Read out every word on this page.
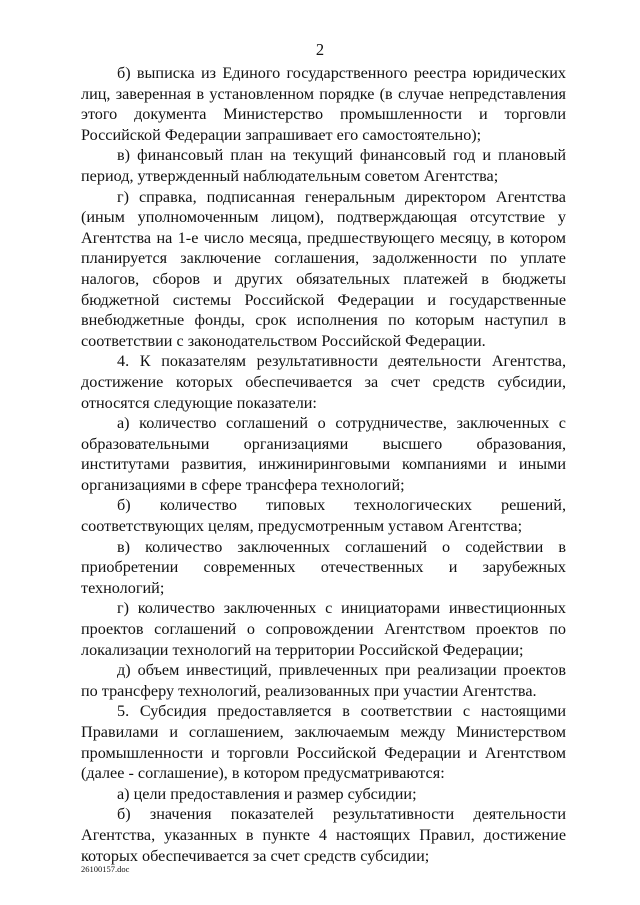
2

б) выписка из Единого государственного реестра юридических лиц, заверенная в установленном порядке (в случае непредставления этого документа Министерство промышленности и торговли Российской Федерации запрашивает его самостоятельно);

в) финансовый план на текущий финансовый год и плановый период, утвержденный наблюдательным советом Агентства;

г) справка, подписанная генеральным директором Агентства (иным уполномоченным лицом), подтверждающая отсутствие у Агентства на 1-е число месяца, предшествующего месяцу, в котором планируется заключение соглашения, задолженности по уплате налогов, сборов и других обязательных платежей в бюджеты бюджетной системы Российской Федерации и государственные внебюджетные фонды, срок исполнения по которым наступил в соответствии с законодательством Российской Федерации.

4. К показателям результативности деятельности Агентства, достижение которых обеспечивается за счет средств субсидии, относятся следующие показатели:

а) количество соглашений о сотрудничестве, заключенных с образовательными организациями высшего образования, институтами развития, инжиниринговыми компаниями и иными организациями в сфере трансфера технологий;

б) количество типовых технологических решений, соответствующих целям, предусмотренным уставом Агентства;

в) количество заключенных соглашений о содействии в приобретении современных отечественных и зарубежных технологий;

г) количество заключенных с инициаторами инвестиционных проектов соглашений о сопровождении Агентством проектов по локализации технологий на территории Российской Федерации;

д) объем инвестиций, привлеченных при реализации проектов по трансферу технологий, реализованных при участии Агентства.

5. Субсидия предоставляется в соответствии с настоящими Правилами и соглашением, заключаемым между Министерством промышленности и торговли Российской Федерации и Агентством (далее - соглашение), в котором предусматриваются:

а) цели предоставления и размер субсидии;

б) значения показателей результативности деятельности Агентства, указанных в пункте 4 настоящих Правил, достижение которых обеспечивается за счет средств субсидии;

26100157.doc
